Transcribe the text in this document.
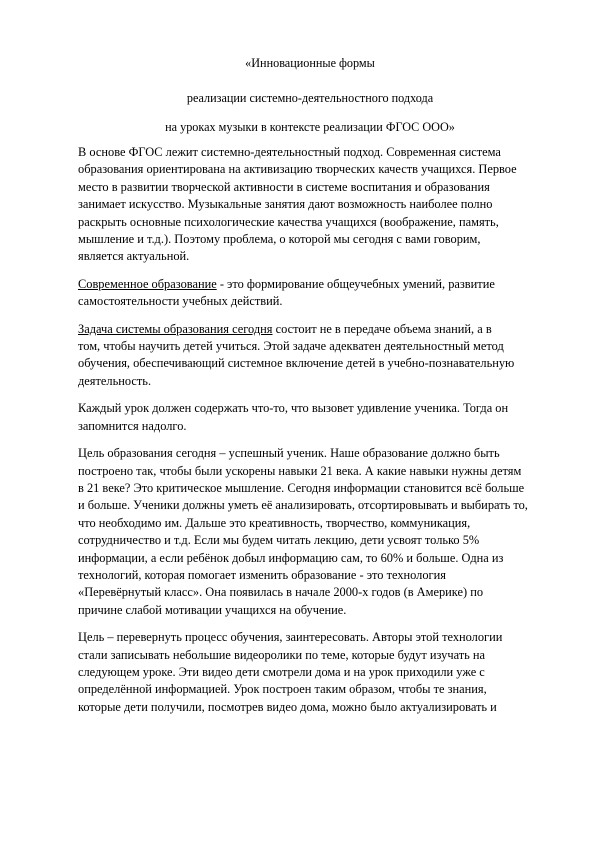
«Инновационные формы
реализации системно-деятельностного подхода
на уроках музыки в контексте реализации ФГОС ООО»

В основе ФГОС лежит системно-деятельностный подход. Современная система
образования ориентирована на активизацию творческих качеств учащихся. Первое
место в развитии творческой активности в системе воспитания и образования
занимает искусство. Музыкальные занятия дают возможность наиболее полно
раскрыть основные психологические качества учащихся (воображение, память,
мышление и т.д.). Поэтому проблема, о которой мы сегодня с вами говорим,
является актуальной.

Современное образование - это формирование общеучебных умений, развитие
самостоятельности учебных действий.

Задача системы образования сегодня состоит не в передаче объема знаний, а в
том, чтобы научить детей учиться. Этой задаче адекватен деятельностный метод
обучения, обеспечивающий системное включение детей в учебно-познавательную
деятельность.

Каждый урок должен содержать что-то, что вызовет удивление ученика. Тогда он
запомнится надолго.

Цель образования сегодня – успешный ученик. Наше образование должно быть
построено так, чтобы были ускорены навыки 21 века. А какие навыки нужны детям
в 21 веке? Это критическое мышление. Сегодня информации становится всё больше
и больше. Ученики должны уметь её анализировать, отсортировывать и выбирать то,
что необходимо им. Дальше это креативность, творчество, коммуникация,
сотрудничество и т.д. Если мы будем читать лекцию, дети усвоят только 5%
информации, а если ребёнок добыл информацию сам, то 60% и больше. Одна из
технологий, которая помогает изменить образование - это технология
«Перевёрнутый класс». Она появилась в начале 2000-х годов (в Америке) по
причине слабой мотивации учащихся на обучение.

Цель – перевернуть процесс обучения, заинтересовать. Авторы этой технологии
стали записывать небольшие видеоролики по теме, которые будут изучать на
следующем уроке. Эти видео дети смотрели дома и на урок приходили уже с
определённой информацией. Урок построен таким образом, чтобы те знания,
которые дети получили, посмотрев видео дома, можно было актуализировать и
